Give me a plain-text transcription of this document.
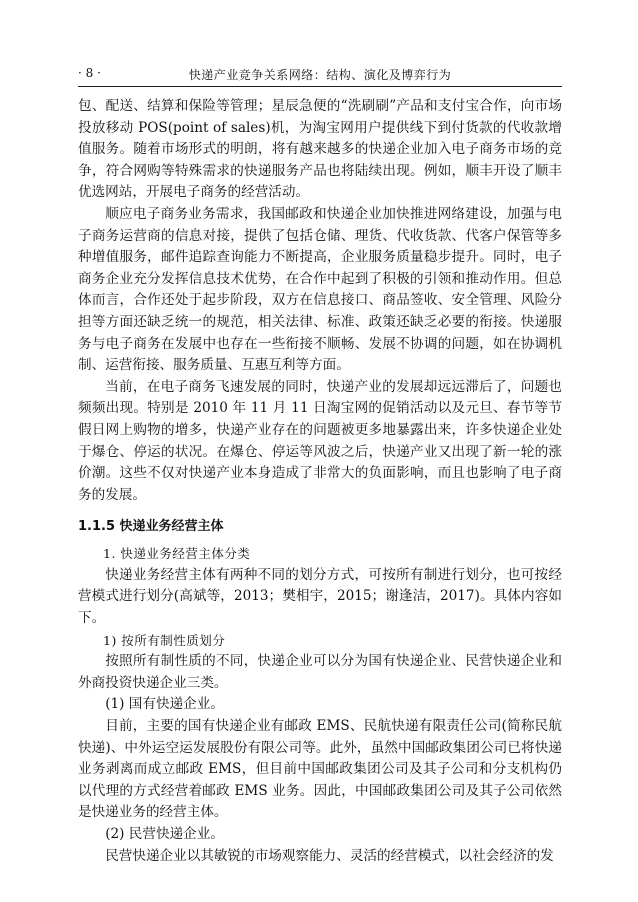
· 8 ·	快递产业竞争关系网络：结构、演化及博弈行为

包、配送、结算和保险等管理；星辰急便的“洗刷刷”产品和支付宝合作，向市场投放移动 POS(point of sales)机，为淘宝网用户提供线下到付货款的代收款增值服务。随着市场形式的明朗，将有越来越多的快递企业加入电子商务市场的竞争，符合网购等特殊需求的快递服务产品也将陆续出现。例如，顺丰开设了顺丰优选网站，开展电子商务的经营活动。

顺应电子商务业务需求，我国邮政和快递企业加快推进网络建设，加强与电子商务运营商的信息对接，提供了包括仓储、理货、代收货款、代客户保管等多种增值服务，邮件追踪查询能力不断提高，企业服务质量稳步提升。同时，电子商务企业充分发挥信息技术优势，在合作中起到了积极的引领和推动作用。但总体而言，合作还处于起步阶段，双方在信息接口、商品签收、安全管理、风险分担等方面还缺乏统一的规范，相关法律、标准、政策还缺乏必要的衔接。快递服务与电子商务在发展中也存在一些衔接不顺畅、发展不协调的问题，如在协调机制、运营衔接、服务质量、互惠互利等方面。

当前，在电子商务飞速发展的同时，快递产业的发展却远远滞后了，问题也频频出现。特别是 2010 年 11 月 11 日淘宝网的促销活动以及元旦、春节等节假日网上购物的增多，快递产业存在的问题被更多地暴露出来，许多快递企业处于爆仓、停运的状况。在爆仓、停运等风波之后，快递产业又出现了新一轮的涨价潮。这些不仅对快递产业本身造成了非常大的负面影响，而且也影响了电子商务的发展。

1.1.5 快递业务经营主体

1. 快递业务经营主体分类

快递业务经营主体有两种不同的划分方式，可按所有制进行划分，也可按经营模式进行划分(高斌等，2013；樊相宇，2015；谢逢洁，2017)。具体内容如下。

1) 按所有制性质划分

按照所有制性质的不同，快递企业可以分为国有快递企业、民营快递企业和外商投资快递企业三类。

(1) 国有快递企业。

目前，主要的国有快递企业有邮政 EMS、民航快递有限责任公司(简称民航快递)、中外运空运发展股份有限公司等。此外，虽然中国邮政集团公司已将快递业务剥离而成立邮政 EMS，但目前中国邮政集团公司及其子公司和分支机构仍以代理的方式经营着邮政 EMS 业务。因此，中国邮政集团公司及其子公司依然是快递业务的经营主体。

(2) 民营快递企业。

民营快递企业以其敏锐的市场观察能力、灵活的经营模式，以社会经济的发
